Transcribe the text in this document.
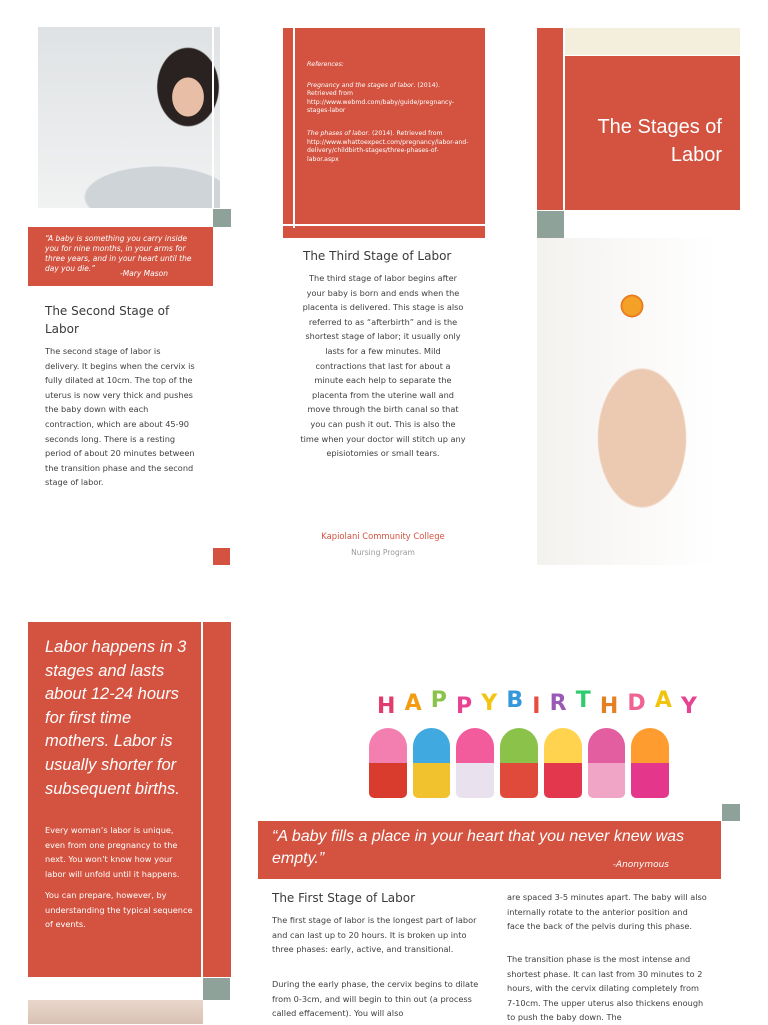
“A baby is something you carry inside you for nine months, in your arms for three years, and in your heart until the day you die.”
-Mary Mason
The Second Stage of Labor
The second stage of labor is delivery. It begins when the cervix is fully dilated at 10cm. The top of the uterus is now very thick and pushes the baby down with each contraction, which are about 45-90 seconds long. There is a resting period of about 20 minutes between the transition phase and the second stage of labor.

References:

Pregnancy and the stages of labor. (2014). Retrieved from http://www.webmd.com/baby/guide/pregnancy-stages-labor

The phases of labor. (2014). Retrieved from http://www.whattoexpect.com/pregnancy/labor-and-delivery/childbirth-stages/three-phases-of-labor.aspx

The Third Stage of Labor
The third stage of labor begins after your baby is born and ends when the placenta is delivered. This stage is also referred to as “afterbirth” and is the shortest stage of labor; it usually only lasts for a few minutes. Mild contractions that last for about a minute each help to separate the placenta from the uterine wall and move through the birth canal so that you can push it out. This is also the time when your doctor will stitch up any episiotomies or small tears.
Kapiolani Community College
Nursing Program
The Stages of
Labor
Labor happens in 3 stages and lasts about 12-24 hours for first time mothers. Labor is usually shorter for subsequent births.
Every woman’s labor is unique, even from one pregnancy to the next. You won’t know how your labor will unfold until it happens.
You can prepare, however, by understanding the typical sequence of events.
H A P P Y B I R T H D A Y
“A baby fills a place in your heart that you never knew was empty.”	-Anonymous
The First Stage of Labor
The first stage of labor is the longest part of labor and can last up to 20 hours. It is broken up into three phases: early, active, and transitional.
During the early phase, the cervix begins to dilate from 0-3cm, and will begin to thin out (a process called effacement). You will also
are spaced 3-5 minutes apart. The baby will also internally rotate to the anterior position and face the back of the pelvis during this phase.
The transition phase is the most intense and shortest phase. It can last from 30 minutes to 2 hours, with the cervix dilating completely from 7-10cm. The upper uterus also thickens enough to push the baby down. The
